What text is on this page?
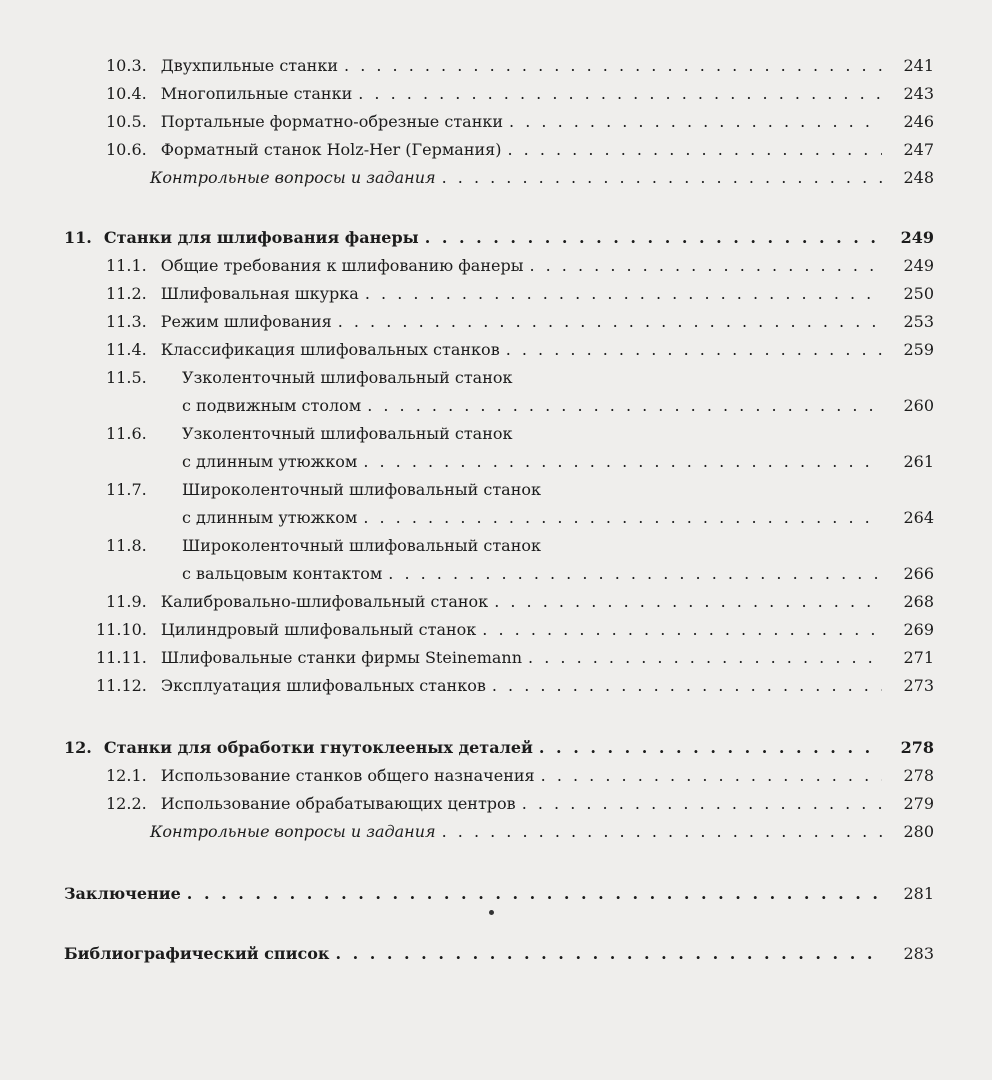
10.3. Двухпильные станки . . .	241
10.4. Многопильные станки . . .	243
10.5. Портальные форматно-обрезные станки . . .	246
10.6. Форматный станок Holz-Her (Германия) . . .	247
Контрольные вопросы и задания . . .	248
11. Станки для шлифования фанеры . . .	249
11.1. Общие требования к шлифованию фанеры . . .	249
11.2. Шлифовальная шкурка . . .	250
11.3. Режим шлифования . . .	253
11.4. Классификация шлифовальных станков . . .	259
11.5.	Узколенточный шлифовальный станок
с подвижным столом . . .	260
11.6.	Узколенточный шлифовальный станок
с длинным утюжком . . .	261
11.7.	Широколенточный шлифовальный станок
с длинным утюжком . . .	264
11.8.	Широколенточный шлифовальный станок
с вальцовым контактом . . .	266
11.9. Калибровально-шлифовальный станок . . .	268
11.10. Цилиндровый шлифовальный станок . . .	269
11.11. Шлифовальные станки фирмы Steinemann . . .	271
11.12. Эксплуатация шлифовальных станков . . .	273
12. Станки для обработки гнутоклееных деталей . . .	278
12.1. Использование станков общего назначения . . .	278
12.2. Использование обрабатывающих центров . . .	279
Контрольные вопросы и задания . . .	280
Заключение . . .	281
Библиографический список . . .	283
